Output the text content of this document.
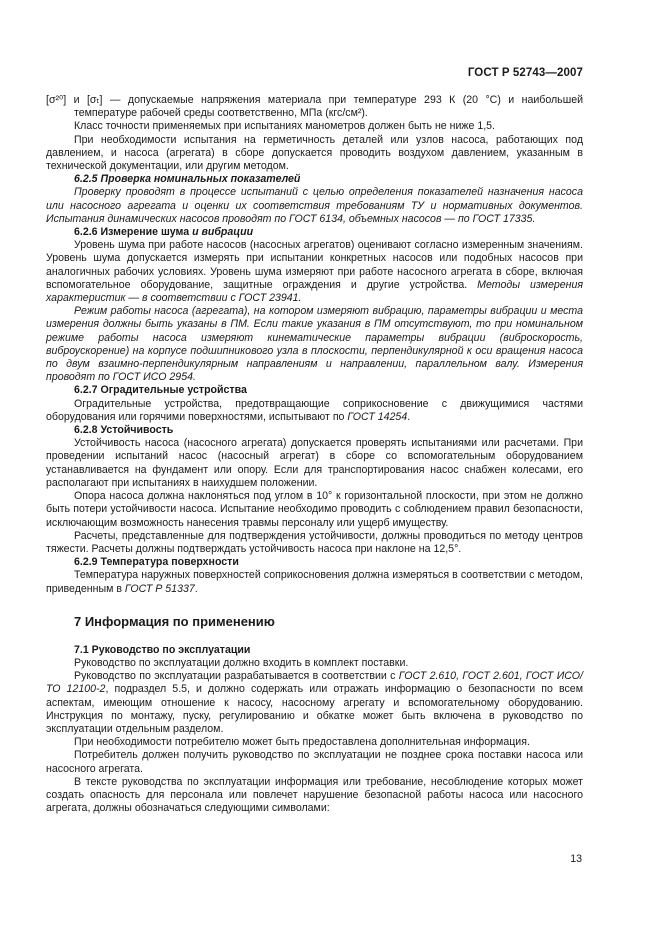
ГОСТ Р 52743—2007
[σ²⁰] и [σₜ] — допускаемые напряжения материала при температуре 293 К (20 °С) и наибольшей температуре рабочей среды соответственно, МПа (кгс/см²).
Класс точности применяемых при испытаниях манометров должен быть не ниже 1,5.
При необходимости испытания на герметичность деталей или узлов насоса, работающих под давлением, и насоса (агрегата) в сборе допускается проводить воздухом давлением, указанным в технической документации, или другим методом.
6.2.5 Проверка номинальных показателей
Проверку проводят в процессе испытаний с целью определения показателей назначения насоса или насосного агрегата и оценки их соответствия требованиям ТУ и нормативных документов. Испытания динамических насосов проводят по ГОСТ 6134, объемных насосов — по ГОСТ 17335.
6.2.6 Измерение шума и вибрации
Уровень шума при работе насосов (насосных агрегатов) оценивают согласно измеренным значениям. Уровень шума допускается измерять при испытании конкретных насосов или подобных насосов при аналогичных рабочих условиях. Уровень шума измеряют при работе насосного агрегата в сборе, включая вспомогательное оборудование, защитные ограждения и другие устройства. Методы измерения характеристик — в соответствии с ГОСТ 23941.
Режим работы насоса (агрегата), на котором измеряют вибрацию, параметры вибрации и места измерения должны быть указаны в ПМ. Если такие указания в ПМ отсутствуют, то при номинальном режиме работы насоса измеряют кинематические параметры вибрации (виброскорость, виброускорение) на корпусе подшипникового узла в плоскости, перпендикулярной к оси вращения насоса по двум взаимно-перпендикулярным направлениям и направлении, параллельном валу. Измерения проводят по ГОСТ ИСО 2954.
6.2.7 Оградительные устройства
Оградительные устройства, предотвращающие соприкосновение с движущимися частями оборудования или горячими поверхностями, испытывают по ГОСТ 14254.
6.2.8 Устойчивость
Устойчивость насоса (насосного агрегата) допускается проверять испытаниями или расчетами. При проведении испытаний насос (насосный агрегат) в сборе со вспомогательным оборудованием устанавливается на фундамент или опору. Если для транспортирования насос снабжен колесами, его располагают при испытаниях в наихудшем положении.
Опора насоса должна наклоняться под углом в 10° к горизонтальной плоскости, при этом не должно быть потери устойчивости насоса. Испытание необходимо проводить с соблюдением правил безопасности, исключающим возможность нанесения травмы персоналу или ущерб имуществу.
Расчеты, представленные для подтверждения устойчивости, должны проводиться по методу центров тяжести. Расчеты должны подтверждать устойчивость насоса при наклоне на 12,5°.
6.2.9 Температура поверхности
Температура наружных поверхностей соприкосновения должна измеряться в соответствии с методом, приведенным в ГОСТ Р 51337.
7 Информация по применению
7.1 Руководство по эксплуатации
Руководство по эксплуатации должно входить в комплект поставки.
Руководство по эксплуатации разрабатывается в соответствии с ГОСТ 2.610, ГОСТ 2.601, ГОСТ ИСО/ТО 12100-2, подраздел 5.5, и должно содержать или отражать информацию о безопасности по всем аспектам, имеющим отношение к насосу, насосному агрегату и вспомогательному оборудованию. Инструкция по монтажу, пуску, регулированию и обкатке может быть включена в руководство по эксплуатации отдельным разделом.
При необходимости потребителю может быть предоставлена дополнительная информация.
Потребитель должен получить руководство по эксплуатации не позднее срока поставки насоса или насосного агрегата.
В тексте руководства по эксплуатации информация или требование, несоблюдение которых может создать опасность для персонала или повлечет нарушение безопасной работы насоса или насосного агрегата, должны обозначаться следующими символами:
13
